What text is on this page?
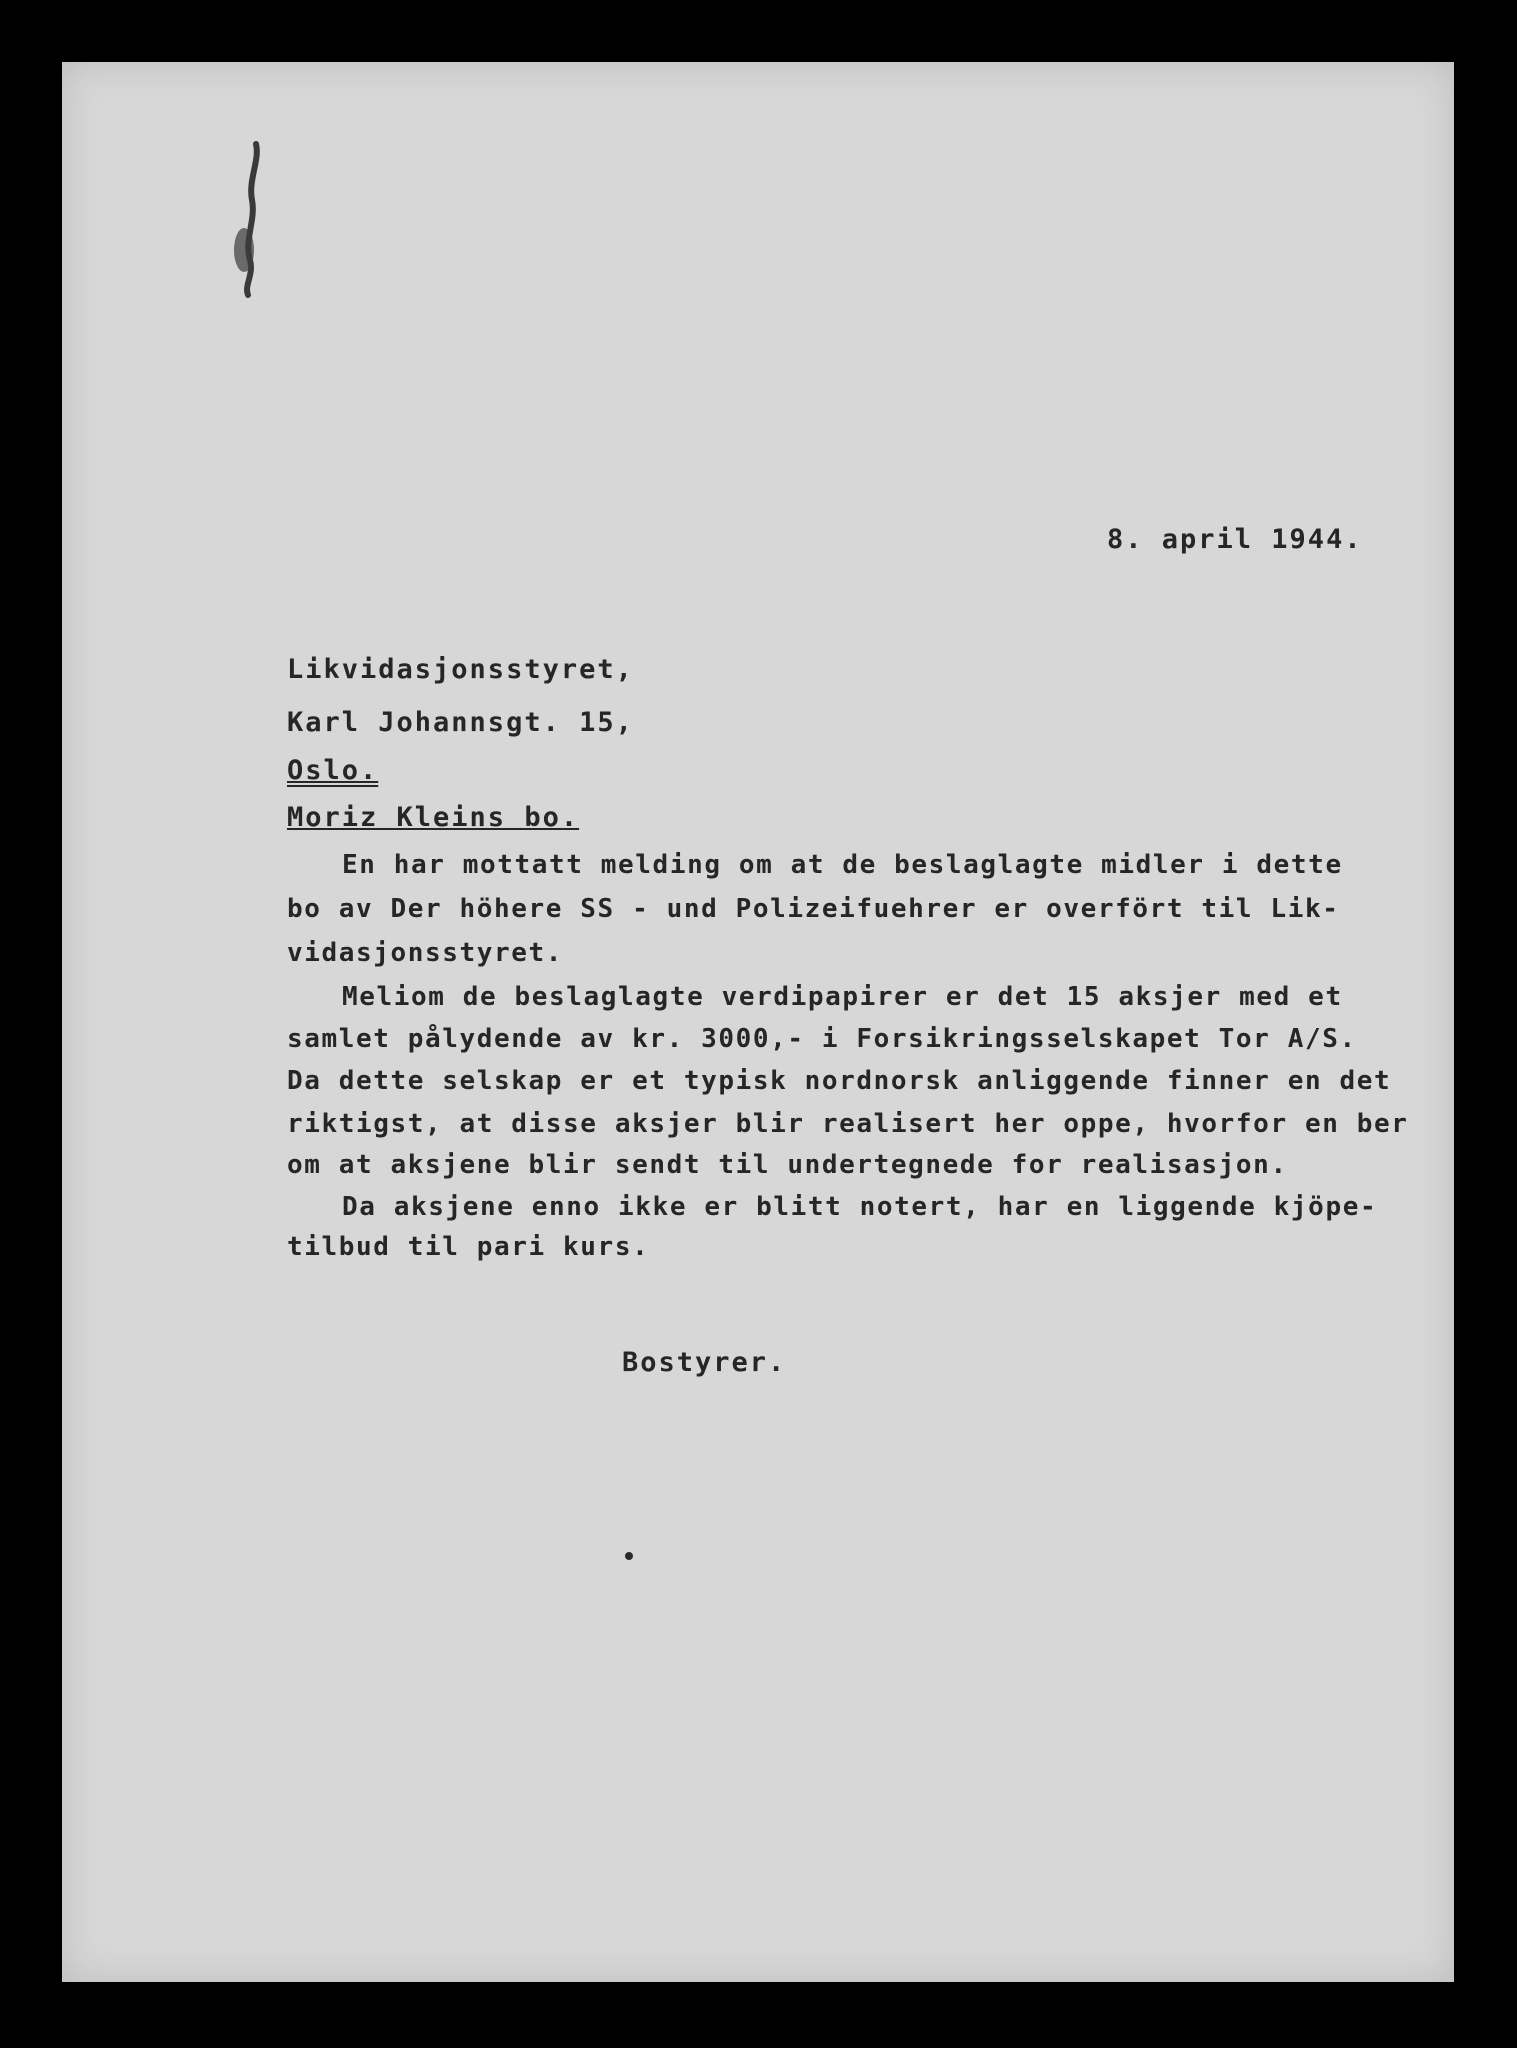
8. april 1944.
Likvidasjonsstyret,
Karl Johannsgt. 15,
Oslo.
Moriz Kleins bo.
En har mottatt melding om at de beslaglagte midler i dette
bo av Der höhere SS - und Polizeifuehrer er overfört til Lik-
vidasjonsstyret.
Meliom de beslaglagte verdipapirer er det 15 aksjer med et
samlet pålydende av kr. 3000,- i Forsikringsselskapet Tor A/S.
Da dette selskap er et typisk nordnorsk anliggende finner en det
riktigst, at disse aksjer blir realisert her oppe, hvorfor en ber
om at aksjene blir sendt til undertegnede for realisasjon.
Da aksjene enno ikke er blitt notert, har en liggende kjöpe-
tilbud til pari kurs.
Bostyrer.
